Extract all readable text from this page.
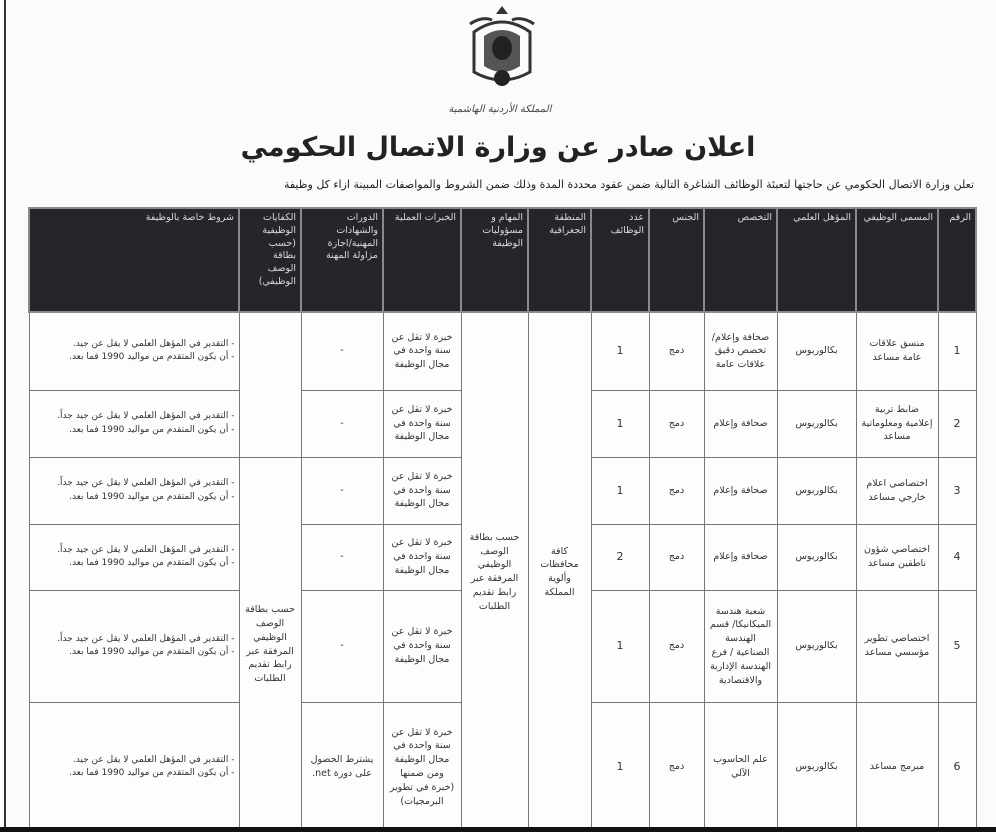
المملكة الأردنية الهاشمية
اعلان صادر عن وزارة الاتصال الحكومي
تعلن وزارة الاتصال الحكومي عن حاجتها لتعبئة الوظائف الشاغرة التالية ضمن عقود محددة المدة وذلك ضمن الشروط والمواصفات المبينة ازاء كل وظيفة
الرقم	المسمى الوظيفي	المؤهل العلمي	التخصص	الجنس	عدد الوظائف	المنطقة الجغرافية	المهام و مسؤوليات الوظيفة	الخبرات العملية	الدورات والشهادات المهنية/اجازة مزاولة المهنة	الكفايات الوظيفية (حسب بطاقة الوصف الوظيفي)	شروط خاصة بالوظيفة
1	منسق علاقات عامة مساعد	بكالوريوس	صحافة وإعلام/ تخصص دقيق علاقات عامة	دمج	1	كافة محافظات وألوية المملكة	حسب بطاقة الوصف الوظيفي المرفقة عبر رابط تقديم الطلبات	خبرة لا تقل عن سنة واحدة في مجال الوظيفة	-		- التقدير في المؤهل العلمي لا يقل عن جيد.
- أن يكون المتقدم من مواليد 1990 فما بعد.

2	ضابط تربية إعلامية ومعلوماتية مساعد	بكالوريوس	صحافة وإعلام	دمج	1			خبرة لا تقل عن سنة واحدة في مجال الوظيفة	-		- التقدير في المؤهل العلمي لا يقل عن جيد جداً.
- أن يكون المتقدم من مواليد 1990 فما بعد.

3	اختصاصي اعلام خارجي مساعد	بكالوريوس	صحافة وإعلام	دمج	1			خبرة لا تقل عن سنة واحدة في مجال الوظيفة	-	حسب بطاقة الوصف الوظيفي المرفقة عبر رابط تقديم الطلبات	- التقدير في المؤهل العلمي لا يقل عن جيد جداً.
- أن يكون المتقدم من مواليد 1990 فما بعد.

4	اختصاصي شؤون ناطقين مساعد	بكالوريوس	صحافة وإعلام	دمج	2			خبرة لا تقل عن سنة واحدة في مجال الوظيفة	-		- التقدير في المؤهل العلمي لا يقل عن جيد جداً.
- أن يكون المتقدم من مواليد 1990 فما بعد.

5	اختصاصي تطوير مؤسسي مساعد	بكالوريوس	شعبة هندسة الميكانيكا/ قسم الهندسة الصناعية / فرع الهندسة الإدارية والاقتصادية	دمج	1			خبرة لا تقل عن سنة واحدة في مجال الوظيفة	-		- التقدير في المؤهل العلمي لا يقل عن جيد جداً.
- أن يكون المتقدم من مواليد 1990 فما بعد.

6	مبرمج مساعد	بكالوريوس	علم الحاسوب الآلي	دمج	1			خبرة لا تقل عن سنة واحدة في مجال الوظيفة ومن ضمنها (خبرة في تطوير البرمجيات)	يشترط الحصول على دورة net.		- التقدير في المؤهل العلمي لا يقل عن جيد.
- أن يكون المتقدم من مواليد 1990 فما بعد.
